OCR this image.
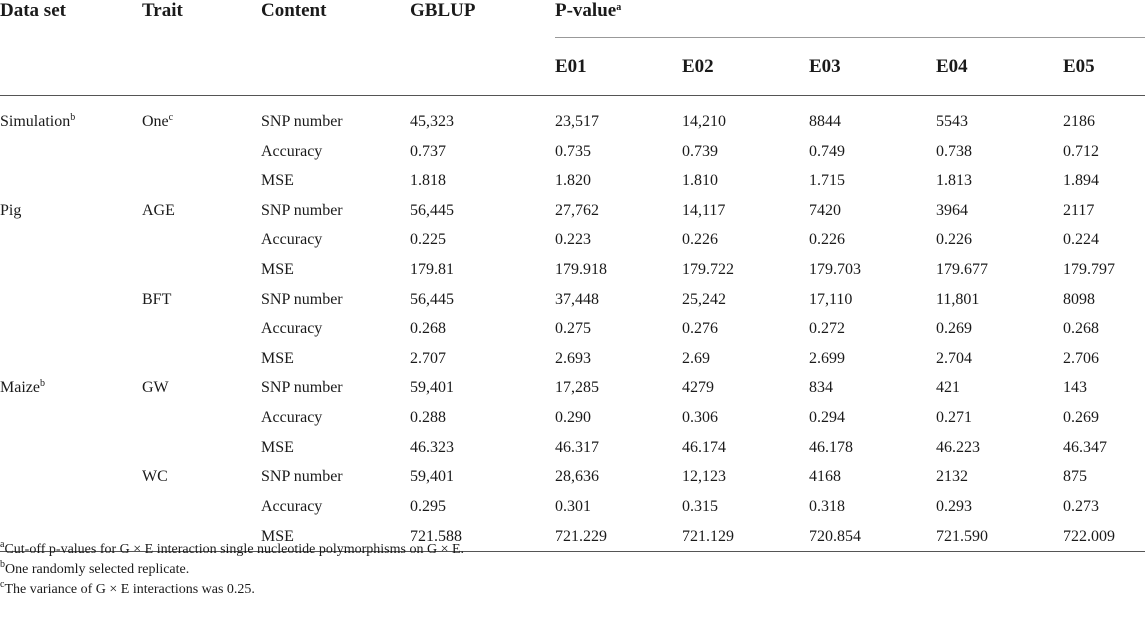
Data set	Trait	Content	GBLUP	P-value$^a$
				E01	E02	E03	E04	E05

Simulation$^b$	One$^c$	SNP number	45,323	23,517	14,210	8844	5543	2186
		Accuracy	0.737	0.735	0.739	0.749	0.738	0.712
		MSE	1.818	1.820	1.810	1.715	1.813	1.894
Pig	AGE	SNP number	56,445	27,762	14,117	7420	3964	2117
		Accuracy	0.225	0.223	0.226	0.226	0.226	0.224
		MSE	179.81	179.918	179.722	179.703	179.677	179.797
	BFT	SNP number	56,445	37,448	25,242	17,110	11,801	8098
		Accuracy	0.268	0.275	0.276	0.272	0.269	0.268
		MSE	2.707	2.693	2.69	2.699	2.704	2.706
Maize$^b$	GW	SNP number	59,401	17,285	4279	834	421	143
		Accuracy	0.288	0.290	0.306	0.294	0.271	0.269
		MSE	46.323	46.317	46.174	46.178	46.223	46.347
	WC	SNP number	59,401	28,636	12,123	4168	2132	875
		Accuracy	0.295	0.301	0.315	0.318	0.293	0.273
		MSE	721.588	721.229	721.129	720.854	721.590	722.009
$^a$Cut-off p-values for G × E interaction single nucleotide polymorphisms on G × E.
$^b$One randomly selected replicate.
$^c$The variance of G × E interactions was 0.25.
